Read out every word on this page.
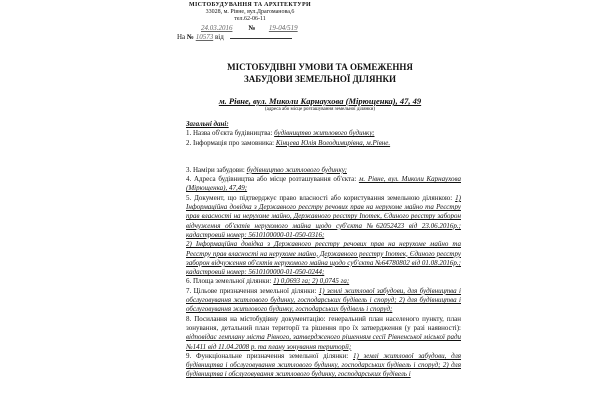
МІСТОБУДУВАННЯ ТА АРХІТЕКТУРИ
33028, м. Рівне, вул.Драгоманова,6
тел.62-06-11
24.03.2016 № 19-04/519
На № 10573 від
МІСТОБУДІВНІ УМОВИ ТА ОБМЕЖЕННЯ
ЗАБУДОВИ ЗЕМЕЛЬНОЇ ДІЛЯНКИ
м. Рівне, вул. Миколи Карнаухова (Мірющенка), 47, 49
(адреса або місце розташування земельної ділянки)

Загальні дані:

1. Назва об'єкта будівництва: будівництво житлового будинку;

2. Інформація про замовника: Кінцева Юлія Володимирівна, м.Рівне.

3. Наміри забудови: будівництво житлового будинку;

4. Адреса будівництва або місце розташування об'єкта: м. Рівне, вул. Миколи Карнаухова (Мірющенка), 47,49;

5. Документ, що підтверджує право власності або користування земельною ділянкою: 1) Інформаційна довідка з Державного реєстру речових прав на нерухоме майно та Реєстру прав власності на нерухоме майно, Державного реєстру Іпотек, Єдиного реєстру заборон відчуження об'єктів нерухомого майна щодо суб'єкта №62052423 від 23.06.2016р.; кадастровий номер: 5610100000-01-050-0316;

2) Інформаційна довідка з Державного реєстру речових прав на нерухоме майно та Реєстру прав власності на нерухоме майно, Державного реєстру Іпотек, Єдиного реєстру заборон відчуження об'єктів нерухомого майна щодо суб'єкта №64780802 від 01.08.2016р.; кадастровий номер: 5610100000-01-050-0244;

6. Площа земельної ділянки: 1) 0,0693 га; 2) 0,0745 га;

7. Цільове призначення земельної ділянки: 1) землі житлової забудови, для будівництва і обслуговування житлового будинку, господарських будівель і споруд; 2) для будівництва і обслуговування житлового будинку, господарських будівель і споруд;

8. Посилання на містобудівну документацію: генеральний план населеного пункту, план зонування, детальний план території та рішення про їх затвердження (у разі наявності): відповідає генплану міста Рівного, затвердженого рішенням сесії Рівненської міської ради №1411 від 11.04.2008 р. та плану зонування території;

9. Функціональне призначення земельної ділянки: 1) землі житлової забудови, для будівництва і обслуговування житлового будинку, господарських будівель і споруд; 2) для будівництва і обслуговування житлового будинку, господарських будівель і
